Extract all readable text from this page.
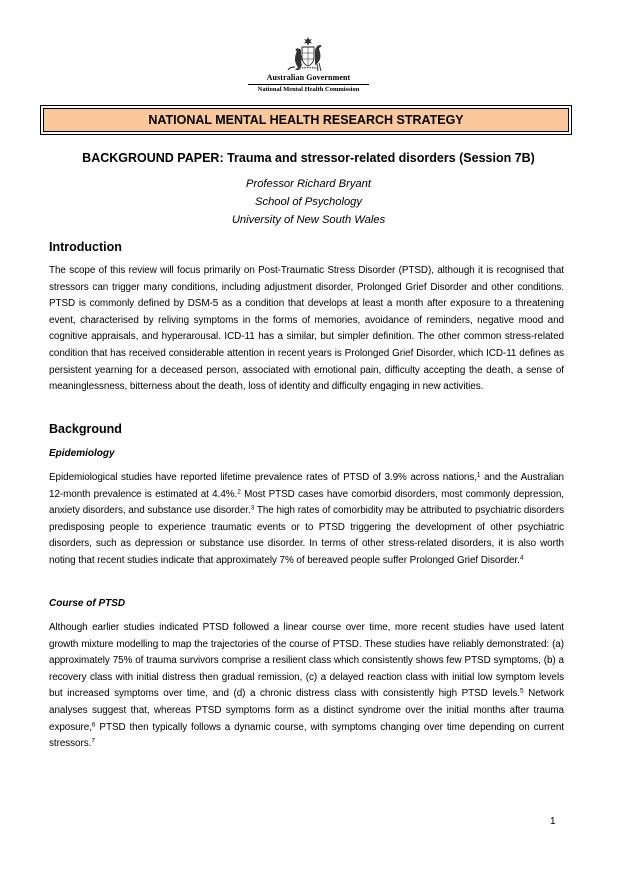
Australian Government
National Mental Health Commission
NATIONAL MENTAL HEALTH RESEARCH STRATEGY
BACKGROUND PAPER: Trauma and stressor-related disorders (Session 7B)
Professor Richard Bryant
School of Psychology
University of New South Wales
Introduction

The scope of this review will focus primarily on Post-Traumatic Stress Disorder (PTSD), although it is recognised that stressors can trigger many conditions, including adjustment disorder, Prolonged Grief Disorder and other conditions. PTSD is commonly defined by DSM-5 as a condition that develops at least a month after exposure to a threatening event, characterised by reliving symptoms in the forms of memories, avoidance of reminders, negative mood and cognitive appraisals, and hyperarousal. ICD-11 has a similar, but simpler definition. The other common stress-related condition that has received considerable attention in recent years is Prolonged Grief Disorder, which ICD-11 defines as persistent yearning for a deceased person, associated with emotional pain, difficulty accepting the death, a sense of meaninglessness, bitterness about the death, loss of identity and difficulty engaging in new activities.

Background
Epidemiology

Epidemiological studies have reported lifetime prevalence rates of PTSD of 3.9% across nations,$^1$ and the Australian 12-month prevalence is estimated at 4.4%.$^2$ Most PTSD cases have comorbid disorders, most commonly depression, anxiety disorders, and substance use disorder.$^3$ The high rates of comorbidity may be attributed to psychiatric disorders predisposing people to experience traumatic events or to PTSD triggering the development of other psychiatric disorders, such as depression or substance use disorder. In terms of other stress-related disorders, it is also worth noting that recent studies indicate that approximately 7% of bereaved people suffer Prolonged Grief Disorder.$^4$

Course of PTSD

Although earlier studies indicated PTSD followed a linear course over time, more recent studies have used latent growth mixture modelling to map the trajectories of the course of PTSD. These studies have reliably demonstrated: (a) approximately 75% of trauma survivors comprise a resilient class which consistently shows few PTSD symptoms, (b) a recovery class with initial distress then gradual remission, (c) a delayed reaction class with initial low symptom levels but increased symptoms over time, and (d) a chronic distress class with consistently high PTSD levels.$^5$ Network analyses suggest that, whereas PTSD symptoms form as a distinct syndrome over the initial months after trauma exposure,$^6$ PTSD then typically follows a dynamic course, with symptoms changing over time depending on current stressors.$^7$

1
